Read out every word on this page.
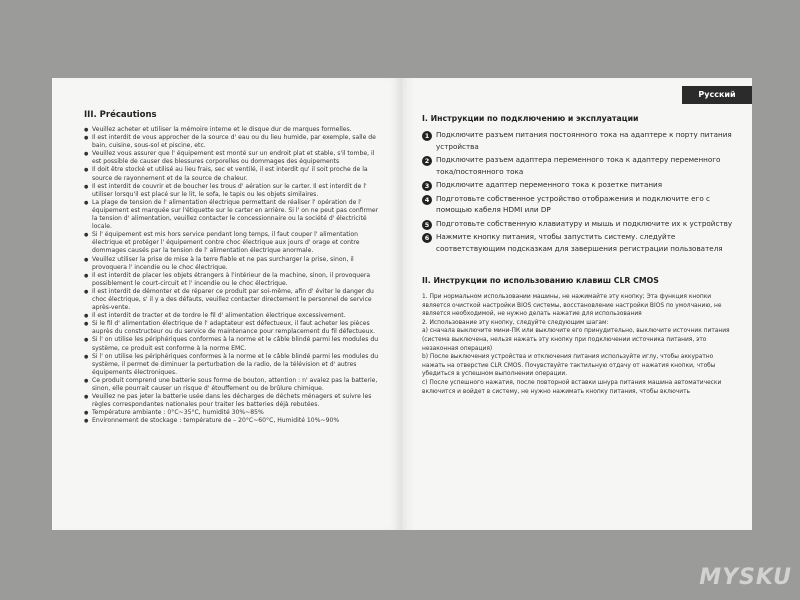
III. Précautions
● Veuillez acheter et utiliser la mémoire interne et le disque dur de marques formelles.
● Il est interdit de vous approcher de la source d' eau ou du lieu humide, par exemple, salle de bain, cuisine, sous-sol et piscine, etc.
● Veuillez vous assurer que l' équipement est monté sur un endroit plat et stable, s'il tombe, il est possible de causer des blessures corporelles ou dommages des équipements
● Il doit être stocké et utilisé au lieu frais, sec et ventilé, il est interdit qu' il soit proche de la source de rayonnement et de la source de chaleur.
● Il est interdit de couvrir et de boucher les trous d' aération sur le carter. Il est interdit de l' utiliser lorsqu'il est placé sur le lit, le sofa, le tapis ou les objets similaires.
● La plage de tension de l' alimentation électrique permettant de réaliser l' opération de l' équipement est marquée sur l'étiquette sur le carter en arrière. Si l' on ne peut pas confirmer la tension d' alimentation, veuillez contacter le concessionnaire ou la société d' électricité locale.
● Si l' équipement est mis hors service pendant long temps, il faut couper l' alimentation électrique et protéger l' équipement contre choc électrique aux jours d' orage et contre dommages causés par la tension de l' alimentation électrique anormale.
● Veuillez utiliser la prise de mise à la terre fiable et ne pas surcharger la prise, sinon, il provoquera l' incendie ou le choc électrique.
● Il est interdit de placer les objets étrangers à l'intérieur de la machine, sinon, il provoquera possiblement le court-circuit et l' incendie ou le choc électrique.
● Il est interdit de démonter et de réparer ce produit par soi-même, afin d' éviter le danger du choc électrique, s' il y a des défauts, veuillez contacter directement le personnel de service après-vente.
● Il est interdit de tracter et de tordre le fil d' alimentation électrique excessivement.
● Si le fil d' alimentation électrique de l' adaptateur est défectueux, il faut acheter les pièces auprès du constructeur ou du service de maintenance pour remplacement du fil défectueux.
● Si l' on utilise les périphériques conformes à la norme et le câble blindé parmi les modules du système, ce produit est conforme à la norme EMC.
● Si l' on utilise les périphériques conformes à la norme et le câble blindé parmi les modules du système, il permet de diminuer la perturbation de la radio, de la télévision et d' autres équipements électroniques.
● Ce produit comprend une batterie sous forme de bouton, attention : n' avalez pas la batterie, sinon, elle pourrait causer un risque d' étouffement ou de brûlure chimique.
● Veuillez ne pas jeter la batterie usée dans les décharges de déchets ménagers et suivre les règles correspondantes nationales pour traiter les batteries déjà rebutées.
● Température ambiante : 0°C~35°C, humidité 30%~85%
● Environnement de stockage : température de – 20°C~60°C, Humidité 10%~90%
Русский
I. Инструкции по подключению и эксплуатации
1 Подключите разъем питания постоянного тока на адаптере к порту питания устройства
2 Подключите разъем адаптера переменного тока к адаптеру переменного тока/постоянного тока
3 Подключите адаптер переменного тока к розетке питания
4 Подготовьте собственное устройство отображения и подключите его с помощью кабеля HDMI или DP
5 Подготовьте собственную клавиатуру и мышь и подключите их к устройству
6 Нажмите кнопку питания, чтобы запустить систему. следуйте соответствующим подсказкам для завершения регистрации пользователя
II. Инструкции по использованию клавиш CLR CMOS

1. При нормальном использовании машины, не нажимайте эту кнопку; Эта функция кнопки является очисткой настройки BIOS системы, восстановление настройки BIOS по умолчанию, не является необходимой, не нужно делать нажатие для использования

2. Использование эту кнопку, следуйте следующим шагам:

а) сначала выключите мини-ПК или выключите его принудительно, выключите источник питания (система выключена, нельзя нажать эту кнопку при подключении источника питания, это незаконная операция)

b) После выключения устройства и отключения питания используйте иглу, чтобы аккуратно нажать на отверстие CLR CMOS. Почувствуйте тактильную отдачу от нажатия кнопки, чтобы убедиться в успешном выполнении операции.

c) После успешного нажатия, после повторной вставки шнура питания машина автоматически включится и войдет в систему, не нужно нажимать кнопку питания, чтобы включить

MYSKU
